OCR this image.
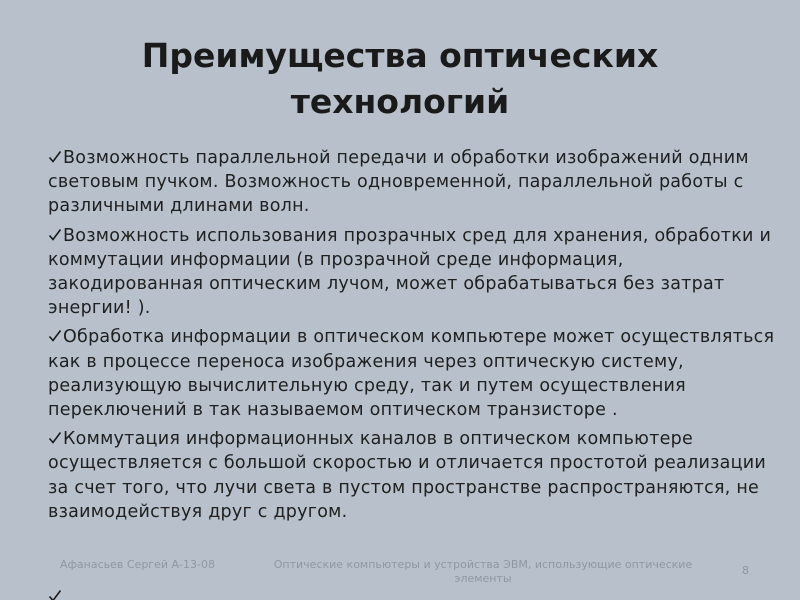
Преимущества оптических
технологий

Возможность параллельной передачи и обработки изображений одним световым пучком. Возможность одновременной, параллельной работы с различными длинами волн.

Возможность использования прозрачных сред для хранения, обработки и коммутации информации (в прозрачной среде информация, закодированная оптическим лучом, может обрабатываться без затрат энергии! ).

Обработка информации в оптическом компьютере может осуществляться как в процессе переноса изображения через оптическую систему, реализующую вычислительную среду, так и путем осуществления переключений в так называемом оптическом транзисторе .

Коммутация информационных каналов в оптическом компьютере осуществляется с большой скоростью и отличается простотой реализации за счет того, что лучи света в пустом пространстве распространяются, не взаимодействуя друг с другом.

Афанасьев Сергей А-13-08	Оптические компьютеры и устройства ЭВМ, использующие оптические элементы
8
